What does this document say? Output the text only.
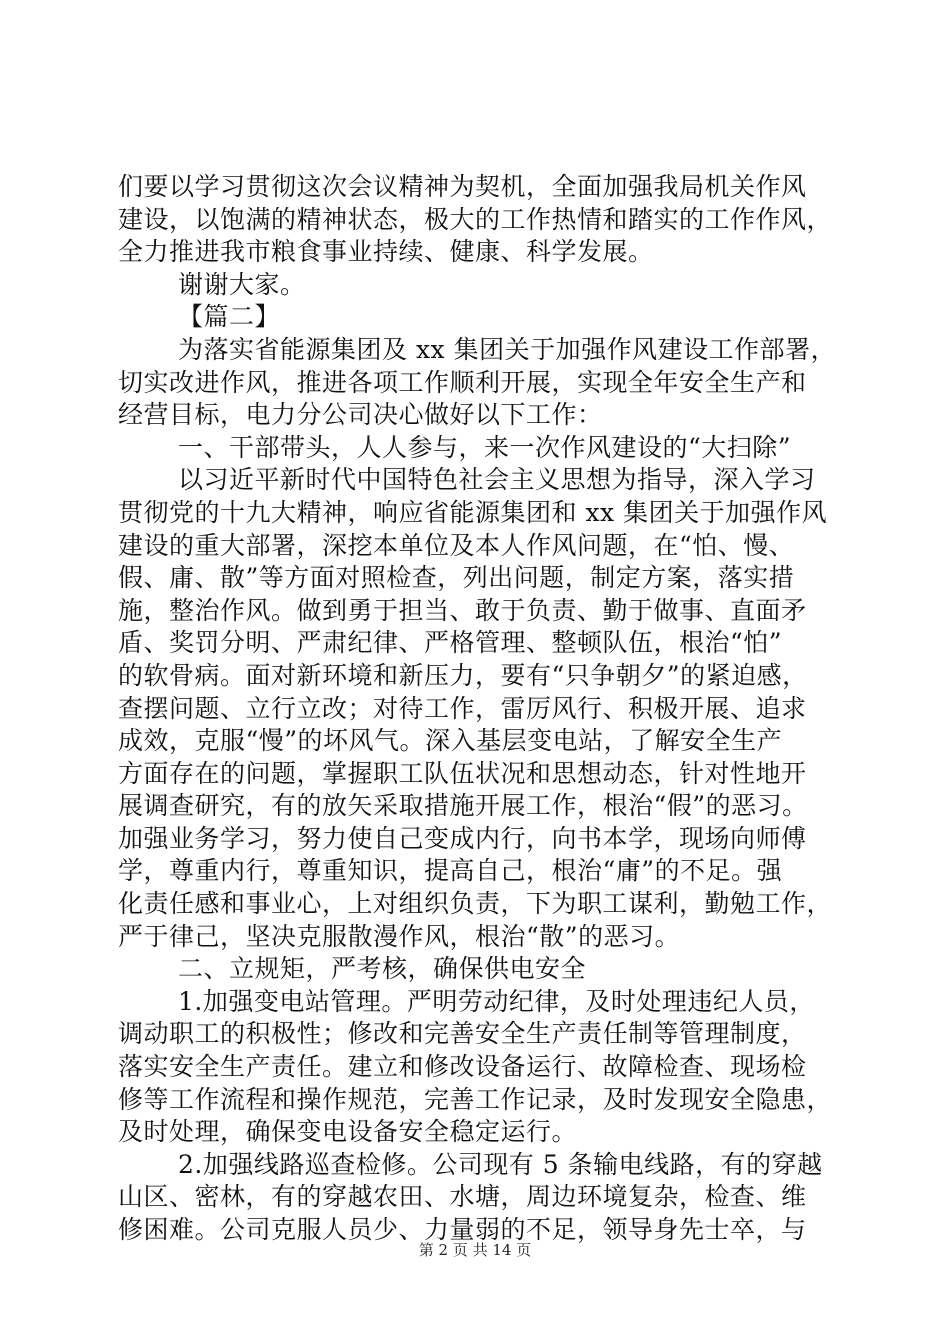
们要以学习贯彻这次会议精神为契机，全面加强我局机关作风
建设，以饱满的精神状态，极大的工作热情和踏实的工作作风，
全力推进我市粮食事业持续、健康、科学发展。
谢谢大家。
【篇二】
为落实省能源集团及 xx 集团关于加强作风建设工作部署，
切实改进作风，推进各项工作顺利开展，实现全年安全生产和
经营目标，电力分公司决心做好以下工作：
一、干部带头，人人参与，来一次作风建设的“大扫除”
以习近平新时代中国特色社会主义思想为指导，深入学习
贯彻党的十九大精神，响应省能源集团和 xx 集团关于加强作风
建设的重大部署，深挖本单位及本人作风问题，在“怕、慢、
假、庸、散”等方面对照检查，列出问题，制定方案，落实措
施，整治作风。做到勇于担当、敢于负责、勤于做事、直面矛
盾、奖罚分明、严肃纪律、严格管理、整顿队伍，根治“怕”
的软骨病。面对新环境和新压力，要有“只争朝夕”的紧迫感，
查摆问题、立行立改；对待工作，雷厉风行、积极开展、追求
成效，克服“慢”的坏风气。深入基层变电站，了解安全生产
方面存在的问题，掌握职工队伍状况和思想动态，针对性地开
展调查研究，有的放矢采取措施开展工作，根治“假”的恶习。
加强业务学习，努力使自己变成内行，向书本学，现场向师傅
学，尊重内行，尊重知识，提高自己，根治“庸”的不足。强
化责任感和事业心，上对组织负责，下为职工谋利，勤勉工作，
严于律己，坚决克服散漫作风，根治“散”的恶习。
二、立规矩，严考核，确保供电安全
1.加强变电站管理。严明劳动纪律，及时处理违纪人员，
调动职工的积极性；修改和完善安全生产责任制等管理制度，
落实安全生产责任。建立和修改设备运行、故障检查、现场检
修等工作流程和操作规范，完善工作记录，及时发现安全隐患，
及时处理，确保变电设备安全稳定运行。
2.加强线路巡查检修。公司现有 5 条输电线路，有的穿越
山区、密林，有的穿越农田、水塘，周边环境复杂，检查、维
修困难。公司克服人员少、力量弱的不足，领导身先士卒，与
第 2 页 共 14 页
